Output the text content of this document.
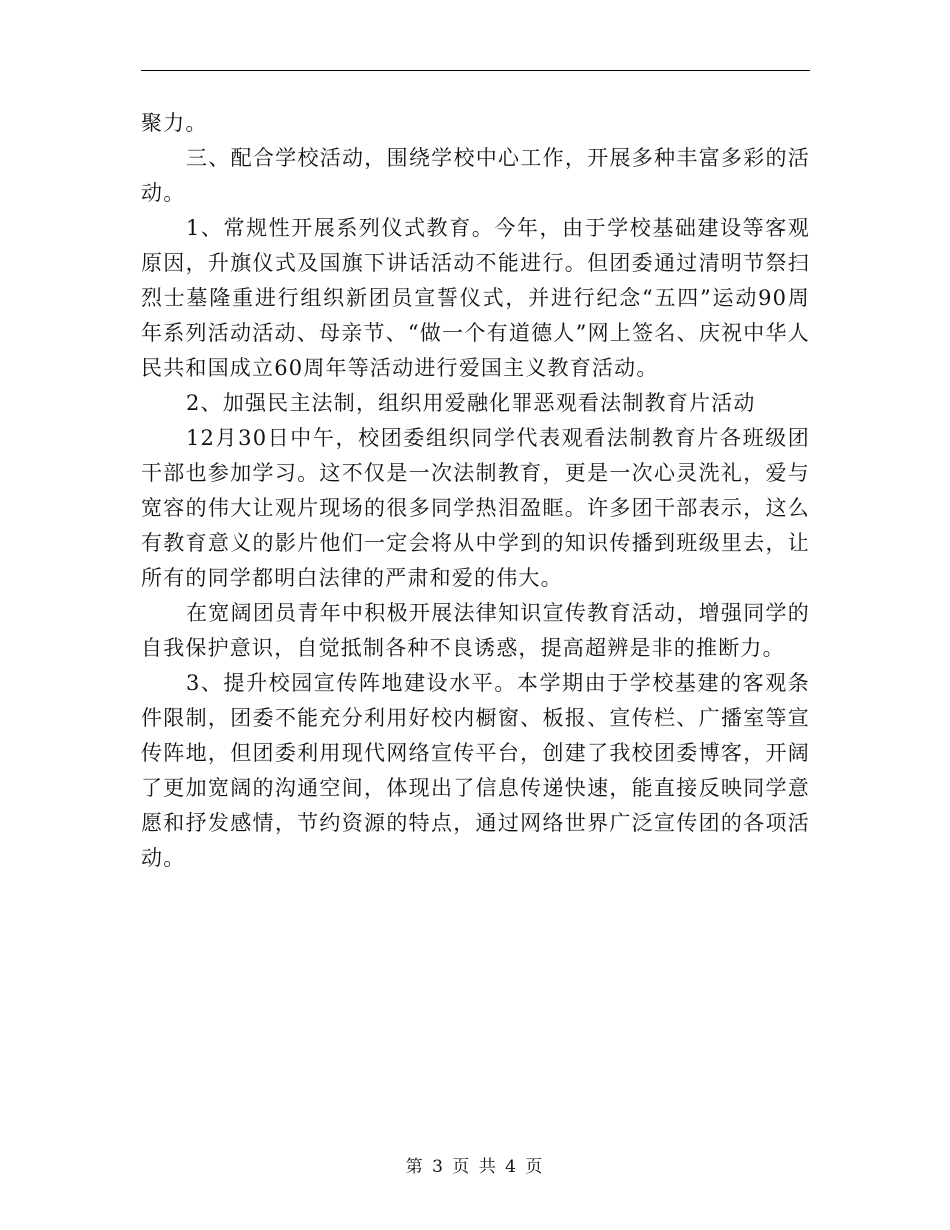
聚力。

三、配合学校活动，围绕学校中心工作，开展多种丰富多彩的活动。

1、常规性开展系列仪式教育。今年，由于学校基础建设等客观原因，升旗仪式及国旗下讲话活动不能进行。但团委通过清明节祭扫烈士墓隆重进行组织新团员宣誓仪式，并进行纪念“五四”运动90周年系列活动活动、母亲节、“做一个有道德人”网上签名、庆祝中华人民共和国成立60周年等活动进行爱国主义教育活动。

2、加强民主法制，组织用爱融化罪恶观看法制教育片活动

12月30日中午，校团委组织同学代表观看法制教育片各班级团干部也参加学习。这不仅是一次法制教育，更是一次心灵洗礼，爱与宽容的伟大让观片现场的很多同学热泪盈眶。许多团干部表示，这么有教育意义的影片他们一定会将从中学到的知识传播到班级里去，让所有的同学都明白法律的严肃和爱的伟大。

在宽阔团员青年中积极开展法律知识宣传教育活动，增强同学的自我保护意识，自觉抵制各种不良诱惑，提高超辨是非的推断力。

3、提升校园宣传阵地建设水平。本学期由于学校基建的客观条件限制，团委不能充分利用好校内橱窗、板报、宣传栏、广播室等宣传阵地，但团委利用现代网络宣传平台，创建了我校团委博客，开阔了更加宽阔的沟通空间，体现出了信息传递快速，能直接反映同学意愿和抒发感情，节约资源的特点，通过网络世界广泛宣传团的各项活动。

第 3 页 共 4 页
